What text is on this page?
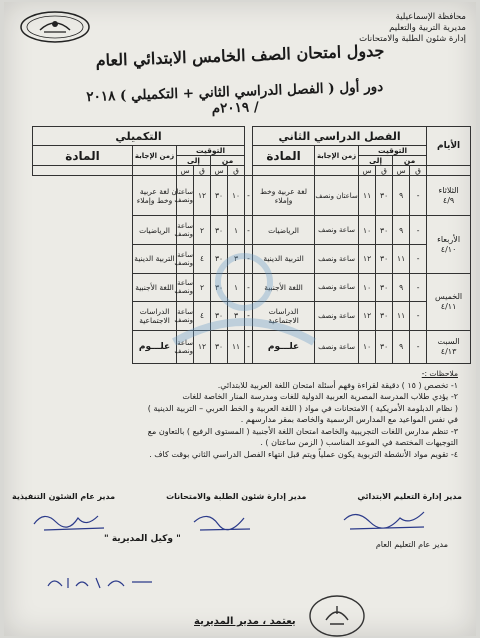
محافظة الإسماعيلية
مديرية التربية والتعليم
إدارة شئون الطلبة والامتحانات
جدول امتحان الصف الخامس الابتدائي العام
دور أول ( الفصل الدراسي الثاني + التكميلي ) ٢٠١٨ / ٢٠١٩م
الأيام	الفصل الدراسي الثاني							التكميلي					
	التوقيت				زمن الإجابة	المادة		التوقيت				زمن الإجابة	المادة
	من		إلى					من		إلى			
	ق	س	ق	س				ق	س	ق	س		
الثلاثاء
٤/٩	-	٩	٣٠	١١	ساعتان ونصف	لغة عربية وخط وإملاء	-	١٠	٣٠	١٢	ساعتان ونصف	لغة عربية وخط وإملاء	
الأربعاء
٤/١٠	-	٩	٣٠	١٠	ساعة ونصف	الرياضيات	-	١	٣٠	٢	ساعة ونصف	الرياضيات	
	-	١١	٣٠	١٢	ساعة ونصف	التربية الدينية	-	٣	٣٠	٤	ساعة ونصف	التربية الدينية	
الخميس
٤/١١	-	٩	٣٠	١٠	ساعة ونصف	اللغة الأجنبية	-	١	٣٠	٢	ساعة ونصف	اللغة الأجنبية	
	-	١١	٣٠	١٢	ساعة ونصف	الدراسات الاجتماعية	-	٣	٣٠	٤	ساعة ونصف	الدراسات الاجتماعية	
السبت
٤/١٣	-	٩	٣٠	١٠	ساعة ونصف	علـــوم	-	١١	٣٠	١٢	ساعة ونصف	علـــوم	

ملاحظات :-

١- تخصص ( ١٥ ) دقيقة لقراءة وفهم أسئلة امتحان اللغة العربية للابتدائي.

٢- يؤدي طلاب المدرسة المصرية العربية الدولية للغات ومدرسة المنار الخاصة للغات

( نظام الدبلومة الأمريكية ) الامتحانات في مواد ( اللغة العربية و الخط العربي – التربية الدينية )

في نفس المواعيد مع المدارس الرسمية والخاصة بمقر مدارسهم .

٣- تنظم مدارس اللغات التجريبية والخاصة امتحان اللغة الأجنبية ( المستوى الرفيع ) بالتعاون مع

التوجيهات المختصة في الموعد المناسب ( الزمن ساعتان ) .

٤- تقويم مواد الأنشطة التربوية يكون عملياً ويتم قبل انتهاء الفصل الدراسي الثاني بوقت كاف .

مدير إدارة التعليم الابتدائي
مدير إدارة شئون الطلبة والامتحانات
مدير عام الشئون التنفيذية
مدير عام التعليم العام
" وكيل المديرية "
يعتمد ، مدير المديرية
